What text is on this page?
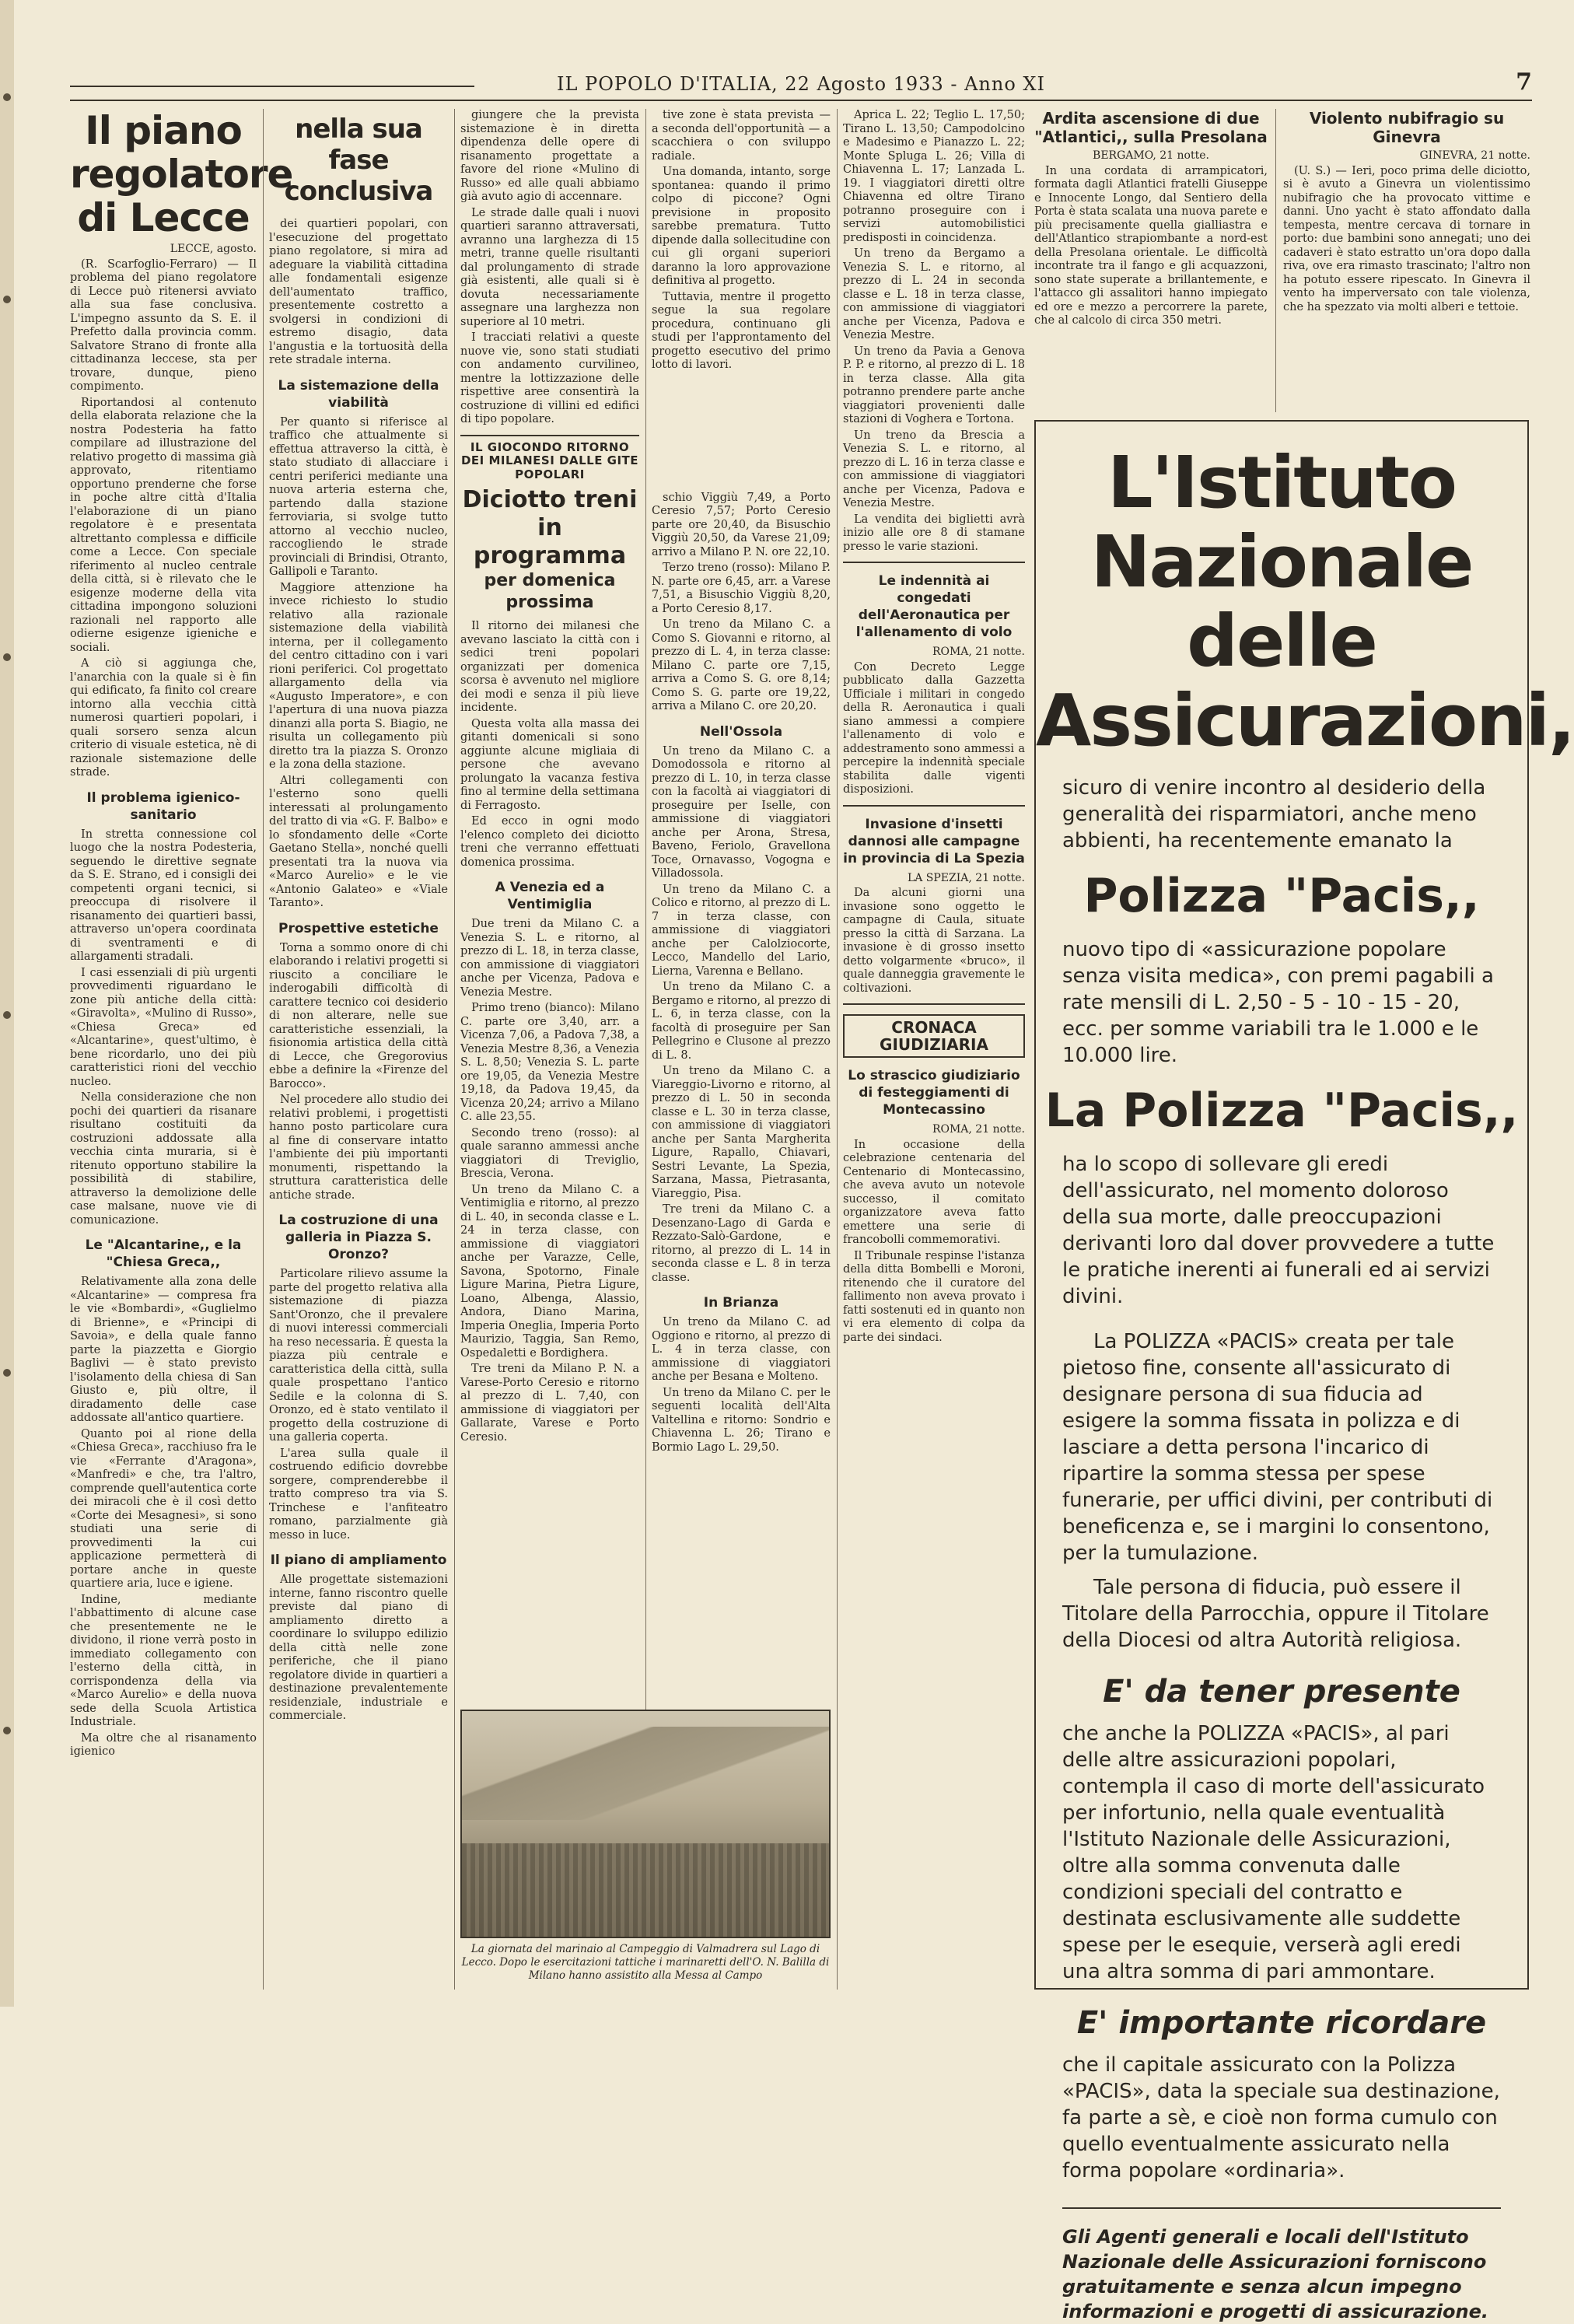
IL POPOLO D'ITALIA, 22 Agosto 1933 - Anno XI	7
Il piano regolatore di Lecce
LECCE, agosto.

(R. Scarfoglio-Ferraro) — Il problema del piano regolatore di Lecce può ritenersi avviato alla sua fase conclusiva. L'impegno assunto da S. E. il Prefetto dalla provincia comm. Salvatore Strano di fronte alla cittadinanza leccese, sta per trovare, dunque, pieno compimento.

Riportandosi al contenuto della elaborata relazione che la nostra Podesteria ha fatto compilare ad illustrazione del relativo progetto di massima già approvato, ritentiamo opportuno prenderne che forse in poche altre città d'Italia l'elaborazione di un piano regolatore è e presentata altrettanto complessa e difficile come a Lecce. Con speciale riferimento al nucleo centrale della città, si è rilevato che le esigenze moderne della vita cittadina impongono soluzioni razionali nel rapporto alle odierne esigenze igieniche e sociali.

A ciò si aggiunga che, l'anarchia con la quale si è fin qui edificato, fa finito col creare intorno alla vecchia città numerosi quartieri popolari, i quali sorsero senza alcun criterio di visuale estetica, nè di razionale sistemazione delle strade.

Il problema igienico-sanitario

In stretta connessione col luogo che la nostra Podesteria, seguendo le direttive segnate da S. E. Strano, ed i consigli dei competenti organi tecnici, si preoccupa di risolvere il risanamento dei quartieri bassi, attraverso un'opera coordinata di sventramenti e di allargamenti stradali.

I casi essenziali di più urgenti provvedimenti riguardano le zone più antiche della città: «Giravolta», «Mulino di Russo», «Chiesa Greca» ed «Alcantarine», quest'ultimo, è bene ricordarlo, uno dei più caratteristici rioni del vecchio nucleo.

Nella considerazione che non pochi dei quartieri da risanare risultano costituiti da costruzioni addossate alla vecchia cinta muraria, si è ritenuto opportuno stabilire la possibilità di stabilire, attraverso la demolizione delle case malsane, nuove vie di comunicazione.

Le "Alcantarine,, e la "Chiesa Greca,,

Relativamente alla zona delle «Alcantarine» — compresa fra le vie «Bombardi», «Guglielmo di Brienne», e «Principi di Savoia», e della quale fanno parte la piazzetta e Giorgio Baglivi — è stato previsto l'isolamento della chiesa di San Giusto e, più oltre, il diradamento delle case addossate all'antico quartiere.

Quanto poi al rione della «Chiesa Greca», racchiuso fra le vie «Ferrante d'Aragona», «Manfredi» e che, tra l'altro, comprende quell'autentica corte dei miracoli che è il così detto «Corte dei Mesagnesi», si sono studiati una serie di provvedimenti la cui applicazione permetterà di portare anche in queste quartiere aria, luce e igiene.

Indine, mediante l'abbattimento di alcune case che presentemente ne le dividono, il rione verrà posto in immediato collegamento con l'esterno della città, in corrispondenza della via «Marco Aurelio» e della nuova sede della Scuola Artistica Industriale.

Ma oltre che al risanamento igienico

nella sua fase conclusiva

dei quartieri popolari, con l'esecuzione del progettato piano regolatore, si mira ad adeguare la viabilità cittadina alle fondamentali esigenze dell'aumentato traffico, presentemente costretto a svolgersi in condizioni di estremo disagio, data l'angustia e la tortuosità della rete stradale interna.

La sistemazione della viabilità

Per quanto si riferisce al traffico che attualmente si effettua attraverso la città, è stato studiato di allacciare i centri periferici mediante una nuova arteria esterna che, partendo dalla stazione ferroviaria, si svolge tutto attorno al vecchio nucleo, raccogliendo le strade provinciali di Brindisi, Otranto, Gallipoli e Taranto.

Maggiore attenzione ha invece richiesto lo studio relativo alla razionale sistemazione della viabilità interna, per il collegamento del centro cittadino con i vari rioni periferici. Col progettato allargamento della via «Augusto Imperatore», e con l'apertura di una nuova piazza dinanzi alla porta S. Biagio, ne risulta un collegamento più diretto tra la piazza S. Oronzo e la zona della stazione.

Altri collegamenti con l'esterno sono quelli interessati al prolungamento del tratto di via «G. F. Balbo» e lo sfondamento delle «Corte Gaetano Stella», nonché quelli presentati tra la nuova via «Marco Aurelio» e le vie «Antonio Galateo» e «Viale Taranto».

Prospettive estetiche

Torna a sommo onore di chi elaborando i relativi progetti si riuscito a conciliare le inderogabili difficoltà di carattere tecnico coi desiderio di non alterare, nelle sue caratteristiche essenziali, la fisionomia artistica della città di Lecce, che Gregorovius ebbe a definire la «Firenze del Barocco».

Nel procedere allo studio dei relativi problemi, i progettisti hanno posto particolare cura al fine di conservare intatto l'ambiente dei più importanti monumenti, rispettando la struttura caratteristica delle antiche strade.

La costruzione di una galleria in Piazza S. Oronzo?

Particolare rilievo assume la parte del progetto relativa alla sistemazione di piazza Sant'Oronzo, che il prevalere di nuovi interessi commerciali ha reso necessaria. È questa la piazza più centrale e caratteristica della città, sulla quale prospettano l'antico Sedile e la colonna di S. Oronzo, ed è stato ventilato il progetto della costruzione di una galleria coperta.

L'area sulla quale il costruendo edificio dovrebbe sorgere, comprenderebbe il tratto compreso tra via S. Trinchese e l'anfiteatro romano, parzialmente già messo in luce.

Il piano di ampliamento

Alle progettate sistemazioni interne, fanno riscontro quelle previste dal piano di ampliamento diretto a coordinare lo sviluppo edilizio della città nelle zone periferiche, che il piano regolatore divide in quartieri a destinazione prevalentemente residenziale, industriale e commerciale.

giungere che la prevista sistemazione è in diretta dipendenza delle opere di risanamento progettate a favore del rione «Mulino di Russo» ed alle quali abbiamo già avuto agio di accennare.

Le strade dalle quali i nuovi quartieri saranno attraversati, avranno una larghezza di 15 metri, tranne quelle risultanti dal prolungamento di strade già esistenti, alle quali si è dovuta necessariamente assegnare una larghezza non superiore al 10 metri.

I tracciati relativi a queste nuove vie, sono stati studiati con andamento curvilineo, mentre la lottizzazione delle rispettive aree consentirà la costruzione di villini ed edifici di tipo popolare.

IL GIOCONDO RITORNO DEI MILANESI DALLE GITE POPOLARI
Diciotto treni in programma
per domenica prossima

Il ritorno dei milanesi che avevano lasciato la città con i sedici treni popolari organizzati per domenica scorsa è avvenuto nel migliore dei modi e senza il più lieve incidente.

Questa volta alla massa dei gitanti domenicali si sono aggiunte alcune migliaia di persone che avevano prolungato la vacanza festiva fino al termine della settimana di Ferragosto.

Ed ecco in ogni modo l'elenco completo dei diciotto treni che verranno effettuati domenica prossima.

A Venezia ed a Ventimiglia

Due treni da Milano C. a Venezia S. L. e ritorno, al prezzo di L. 18, in terza classe, con ammissione di viaggiatori anche per Vicenza, Padova e Venezia Mestre.

Primo treno (bianco): Milano C. parte ore 3,40, arr. a Vicenza 7,06, a Padova 7,38, a Venezia Mestre 8,36, a Venezia S. L. 8,50; Venezia S. L. parte ore 19,05, da Venezia Mestre 19,18, da Padova 19,45, da Vicenza 20,24; arrivo a Milano C. alle 23,55.

Secondo treno (rosso): al quale saranno ammessi anche viaggiatori di Treviglio, Brescia, Verona.

Un treno da Milano C. a Ventimiglia e ritorno, al prezzo di L. 40, in seconda classe e L. 24 in terza classe, con ammissione di viaggiatori anche per Varazze, Celle, Savona, Spotorno, Finale Ligure Marina, Pietra Ligure, Loano, Albenga, Alassio, Andora, Diano Marina, Imperia Oneglia, Imperia Porto Maurizio, Taggia, San Remo, Ospedaletti e Bordighera.

Tre treni da Milano P. N. a Varese-Porto Ceresio e ritorno al prezzo di L. 7,40, con ammissione di viaggiatori per Gallarate, Varese e Porto Ceresio.

tive zone è stata prevista — a seconda dell'opportunità — a scacchiera o con sviluppo radiale.

Una domanda, intanto, sorge spontanea: quando il primo colpo di piccone? Ogni previsione in proposito sarebbe prematura. Tutto dipende dalla sollecitudine con cui gli organi superiori daranno la loro approvazione definitiva al progetto.

Tuttavia, mentre il progetto segue la sua regolare procedura, continuano gli studi per l'approntamento del progetto esecutivo del primo lotto di lavori.

schio Viggiù 7,49, a Porto Ceresio 7,57; Porto Ceresio parte ore 20,40, da Bisuschio Viggiù 20,50, da Varese 21,09; arrivo a Milano P. N. ore 22,10.

Terzo treno (rosso): Milano P. N. parte ore 6,45, arr. a Varese 7,51, a Bisuschio Viggiù 8,20, a Porto Ceresio 8,17.

Un treno da Milano C. a Como S. Giovanni e ritorno, al prezzo di L. 4, in terza classe: Milano C. parte ore 7,15, arriva a Como S. G. ore 8,14; Como S. G. parte ore 19,22, arriva a Milano C. ore 20,20.

Nell'Ossola

Un treno da Milano C. a Domodossola e ritorno al prezzo di L. 10, in terza classe con la facoltà ai viaggiatori di proseguire per Iselle, con ammissione di viaggiatori anche per Arona, Stresa, Baveno, Feriolo, Gravellona Toce, Ornavasso, Vogogna e Villadossola.

Un treno da Milano C. a Colico e ritorno, al prezzo di L. 7 in terza classe, con ammissione di viaggiatori anche per Calolziocorte, Lecco, Mandello del Lario, Lierna, Varenna e Bellano.

Un treno da Milano C. a Bergamo e ritorno, al prezzo di L. 6, in terza classe, con la facoltà di proseguire per San Pellegrino e Clusone al prezzo di L. 8.

Un treno da Milano C. a Viareggio-Livorno e ritorno, al prezzo di L. 50 in seconda classe e L. 30 in terza classe, con ammissione di viaggiatori anche per Santa Margherita Ligure, Rapallo, Chiavari, Sestri Levante, La Spezia, Sarzana, Massa, Pietrasanta, Viareggio, Pisa.

Tre treni da Milano C. a Desenzano-Lago di Garda e Rezzato-Salò-Gardone, e ritorno, al prezzo di L. 14 in seconda classe e L. 8 in terza classe.

In Brianza

Un treno da Milano C. ad Oggiono e ritorno, al prezzo di L. 4 in terza classe, con ammissione di viaggiatori anche per Besana e Molteno.

Un treno da Milano C. per le seguenti località dell'Alta Valtellina e ritorno: Sondrio e Chiavenna L. 26; Tirano e Bormio Lago L. 29,50.

La giornata del marinaio al Campeggio di Valmadrera sul Lago di Lecco. Dopo le esercitazioni tattiche i marinaretti dell'O. N. Balilla di Milano hanno assistito alla Messa al Campo

Aprica L. 22; Teglio L. 17,50; Tirano L. 13,50; Campodolcino e Madesimo e Pianazzo L. 22; Monte Spluga L. 26; Villa di Chiavenna L. 17; Lanzada L. 19. I viaggiatori diretti oltre Chiavenna ed oltre Tirano potranno proseguire con i servizi automobilistici predisposti in coincidenza.

Un treno da Bergamo a Venezia S. L. e ritorno, al prezzo di L. 24 in seconda classe e L. 18 in terza classe, con ammissione di viaggiatori anche per Vicenza, Padova e Venezia Mestre.

Un treno da Pavia a Genova P. P. e ritorno, al prezzo di L. 18 in terza classe. Alla gita potranno prendere parte anche viaggiatori provenienti dalle stazioni di Voghera e Tortona.

Un treno da Brescia a Venezia S. L. e ritorno, al prezzo di L. 16 in terza classe e con ammissione di viaggiatori anche per Vicenza, Padova e Venezia Mestre.

La vendita dei biglietti avrà inizio alle ore 8 di stamane presso le varie stazioni.

Le indennità ai congedati dell'Aeronautica per l'allenamento di volo
ROMA, 21 notte.

Con Decreto Legge pubblicato dalla Gazzetta Ufficiale i militari in congedo della R. Aeronautica i quali siano ammessi a compiere l'allenamento di volo e addestramento sono ammessi a percepire la indennità speciale stabilita dalle vigenti disposizioni.

Invasione d'insetti dannosi alle campagne in provincia di La Spezia
LA SPEZIA, 21 notte.

Da alcuni giorni una invasione sono oggetto le campagne di Caula, situate presso la città di Sarzana. La invasione è di grosso insetto detto volgarmente «bruco», il quale danneggia gravemente le coltivazioni.

CRONACA GIUDIZIARIA
Lo strascico giudiziario di festeggiamenti di Montecassino
ROMA, 21 notte.

In occasione della celebrazione centenaria del Centenario di Montecassino, che aveva avuto un notevole successo, il comitato organizzatore aveva fatto emettere una serie di francobolli commemorativi.

Il Tribunale respinse l'istanza della ditta Bombelli e Moroni, ritenendo che il curatore del fallimento non aveva provato i fatti sostenuti ed in quanto non vi era elemento di colpa da parte dei sindaci.

Ardita ascensione di due "Atlantici,, sulla Presolana
BERGAMO, 21 notte.

In una cordata di arrampicatori, formata dagli Atlantici fratelli Giuseppe e Innocente Longo, dal Sentiero della Porta è stata scalata una nuova parete e più precisamente quella gialliastra e dell'Atlantico strapiombante a nord-est della Presolana orientale. Le difficoltà incontrate tra il fango e gli acquazzoni, sono state superate a brillantemente, e l'attacco gli assalitori hanno impiegato ed ore e mezzo a percorrere la parete, che al calcolo di circa 350 metri.

Violento nubifragio su Ginevra
GINEVRA, 21 notte.

(U. S.) — Ieri, poco prima delle diciotto, si è avuto a Ginevra un violentissimo nubifragio che ha provocato vittime e danni. Uno yacht è stato affondato dalla tempesta, mentre cercava di tornare in porto: due bambini sono annegati; uno dei cadaveri è stato estratto un'ora dopo dalla riva, ove era rimasto trascinato; l'altro non ha potuto essere ripescato. In Ginevra il vento ha imperversato con tale violenza, che ha spezzato via molti alberi e tettoie.

L'Istituto Nazionale
delle Assicurazioni,
sicuro di venire incontro al desiderio della generalità dei risparmiatori, anche meno abbienti, ha recentemente emanato la
Polizza "Pacis,,
nuovo tipo di «assicurazione popolare senza visita medica», con premi pagabili a rate mensili di L. 2,50 - 5 - 10 - 15 - 20, ecc. per somme variabili tra le 1.000 e le 10.000 lire.
La Polizza "Pacis,,
ha lo scopo di sollevare gli eredi dell'assicurato, nel momento doloroso della sua morte, dalle preoccupazioni derivanti loro dal dover provvedere a tutte le pratiche inerenti ai funerali ed ai servizi divini.
La POLIZZA «PACIS» creata per tale pietoso fine, consente all'assicurato di designare persona di sua fiducia ad esigere la somma fissata in polizza e di lasciare a detta persona l'incarico di ripartire la somma stessa per spese funerarie, per uffici divini, per contributi di beneficenza e, se i margini lo consentono, per la tumulazione.
Tale persona di fiducia, può essere il Titolare della Parrocchia, oppure il Titolare della Diocesi od altra Autorità religiosa.
E' da tener presente
che anche la POLIZZA «PACIS», al pari delle altre assicurazioni popolari, contempla il caso di morte dell'assicurato per infortunio, nella quale eventualità l'Istituto Nazionale delle Assicurazioni, oltre alla somma convenuta dalle condizioni speciali del contratto e destinata esclusivamente alle suddette spese per le esequie, verserà agli eredi una altra somma di pari ammontare.
E' importante ricordare
che il capitale assicurato con la Polizza «PACIS», data la speciale sua destinazione, fa parte a sè, e cioè non forma cumulo con quello eventualmente assicurato nella forma popolare «ordinaria».
Gli Agenti generali e locali dell'Istituto Nazionale delle Assicurazioni forniscono gratuitamente e senza alcun impegno informazioni e progetti di assicurazione.
